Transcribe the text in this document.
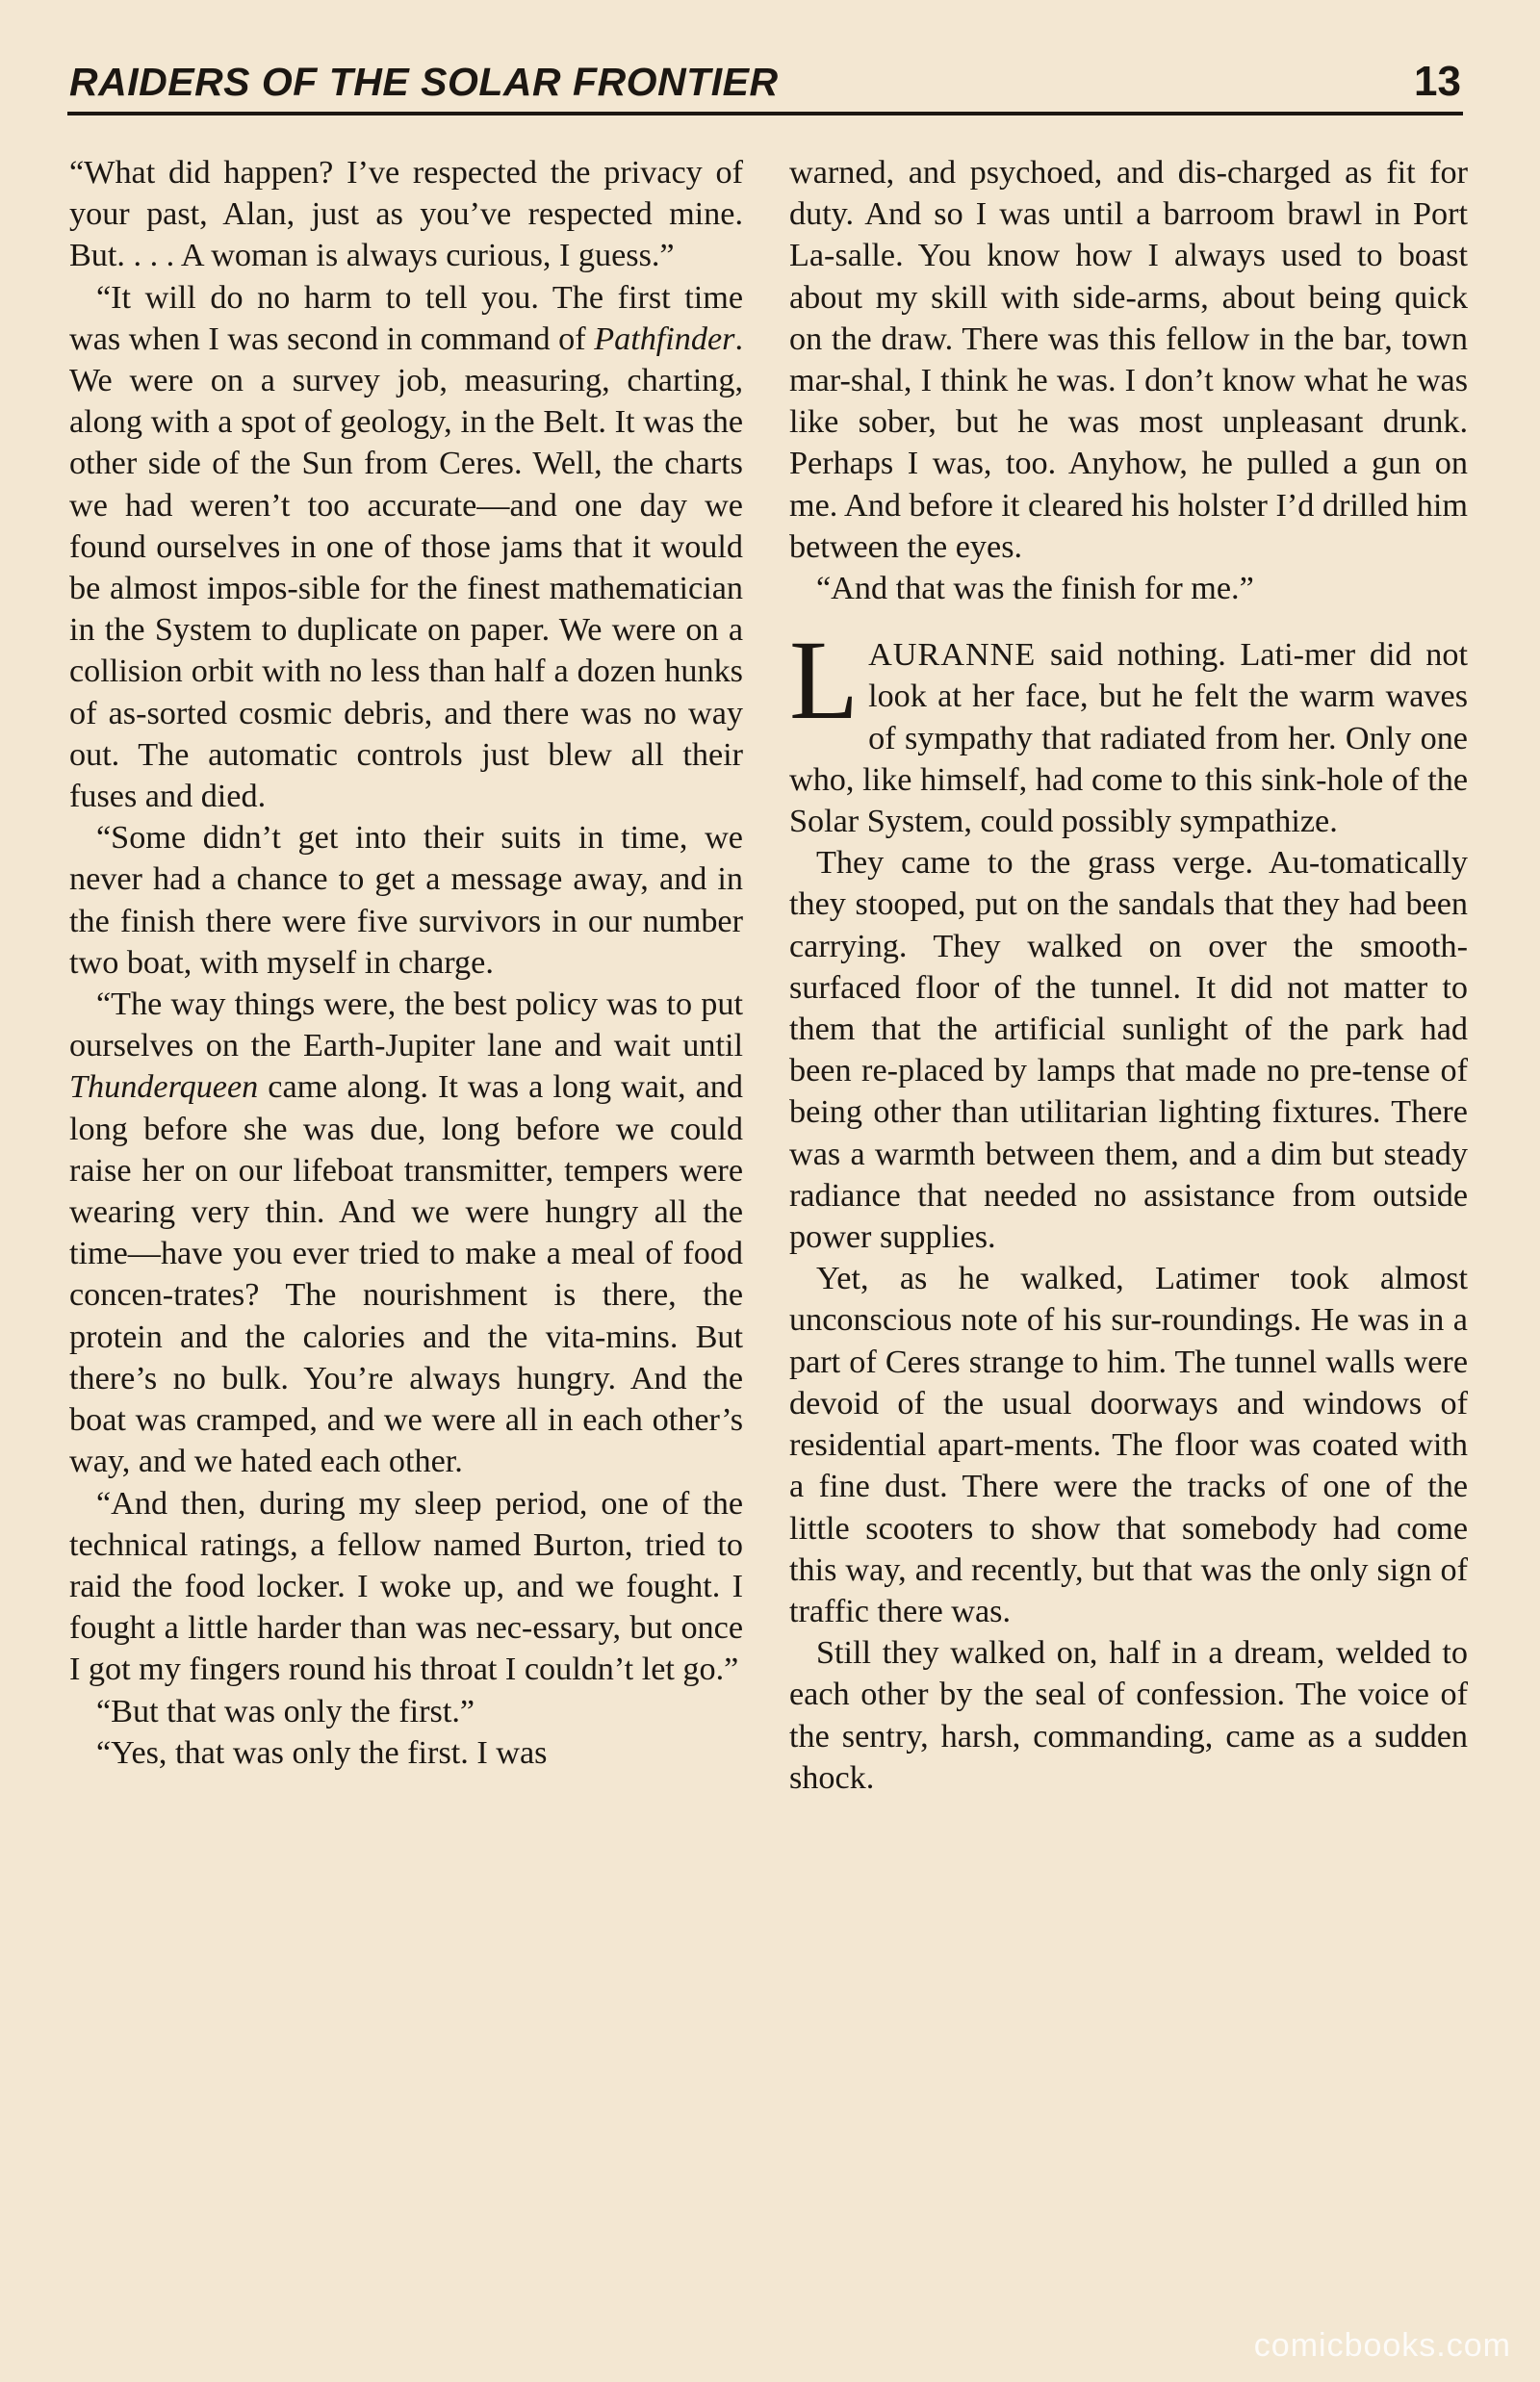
RAIDERS OF THE SOLAR FRONTIER	13

“What did happen? I’ve respected the privacy of your past, Alan, just as you’ve respected mine. But. . . . A woman is always curious, I guess.”

“It will do no harm to tell you. The first time was when I was second in command of Pathfinder. We were on a survey job, measuring, charting, along with a spot of geology, in the Belt. It was the other side of the Sun from Ceres. Well, the charts we had weren’t too accurate—and one day we found ourselves in one of those jams that it would be almost impos-sible for the finest mathematician in the System to duplicate on paper. We were on a collision orbit with no less than half a dozen hunks of as-sorted cosmic debris, and there was no way out. The automatic controls just blew all their fuses and died.

“Some didn’t get into their suits in time, we never had a chance to get a message away, and in the finish there were five survivors in our number two boat, with myself in charge.

“The way things were, the best policy was to put ourselves on the Earth-Jupiter lane and wait until Thunderqueen came along. It was a long wait, and long before she was due, long before we could raise her on our lifeboat transmitter, tempers were wearing very thin. And we were hungry all the time—have you ever tried to make a meal of food concen-trates? The nourishment is there, the protein and the calories and the vita-mins. But there’s no bulk. You’re always hungry. And the boat was cramped, and we were all in each other’s way, and we hated each other.

“And then, during my sleep period, one of the technical ratings, a fellow named Burton, tried to raid the food locker. I woke up, and we fought. I fought a little harder than was nec-essary, but once I got my fingers round his throat I couldn’t let go.”

“But that was only the first.”

“Yes, that was only the first. I was

warned, and psychoed, and dis-charged as fit for duty. And so I was until a barroom brawl in Port La-salle. You know how I always used to boast about my skill with side-arms, about being quick on the draw. There was this fellow in the bar, town mar-shal, I think he was. I don’t know what he was like sober, but he was most unpleasant drunk. Perhaps I was, too. Anyhow, he pulled a gun on me. And before it cleared his holster I’d drilled him between the eyes.

“And that was the finish for me.”

LAURANNE said nothing. Lati-mer did not look at her face, but he felt the warm waves of sympathy that radiated from her. Only one who, like himself, had come to this sink-hole of the Solar System, could possibly sympathize.

They came to the grass verge. Au-tomatically they stooped, put on the sandals that they had been carrying. They walked on over the smooth-surfaced floor of the tunnel. It did not matter to them that the artificial sunlight of the park had been re-placed by lamps that made no pre-tense of being other than utilitarian lighting fixtures. There was a warmth between them, and a dim but steady radiance that needed no assistance from outside power supplies.

Yet, as he walked, Latimer took almost unconscious note of his sur-roundings. He was in a part of Ceres strange to him. The tunnel walls were devoid of the usual doorways and windows of residential apart-ments. The floor was coated with a fine dust. There were the tracks of one of the little scooters to show that somebody had come this way, and recently, but that was the only sign of traffic there was.

Still they walked on, half in a dream, welded to each other by the seal of confession. The voice of the sentry, harsh, commanding, came as a sudden shock.

comicbooks.com
